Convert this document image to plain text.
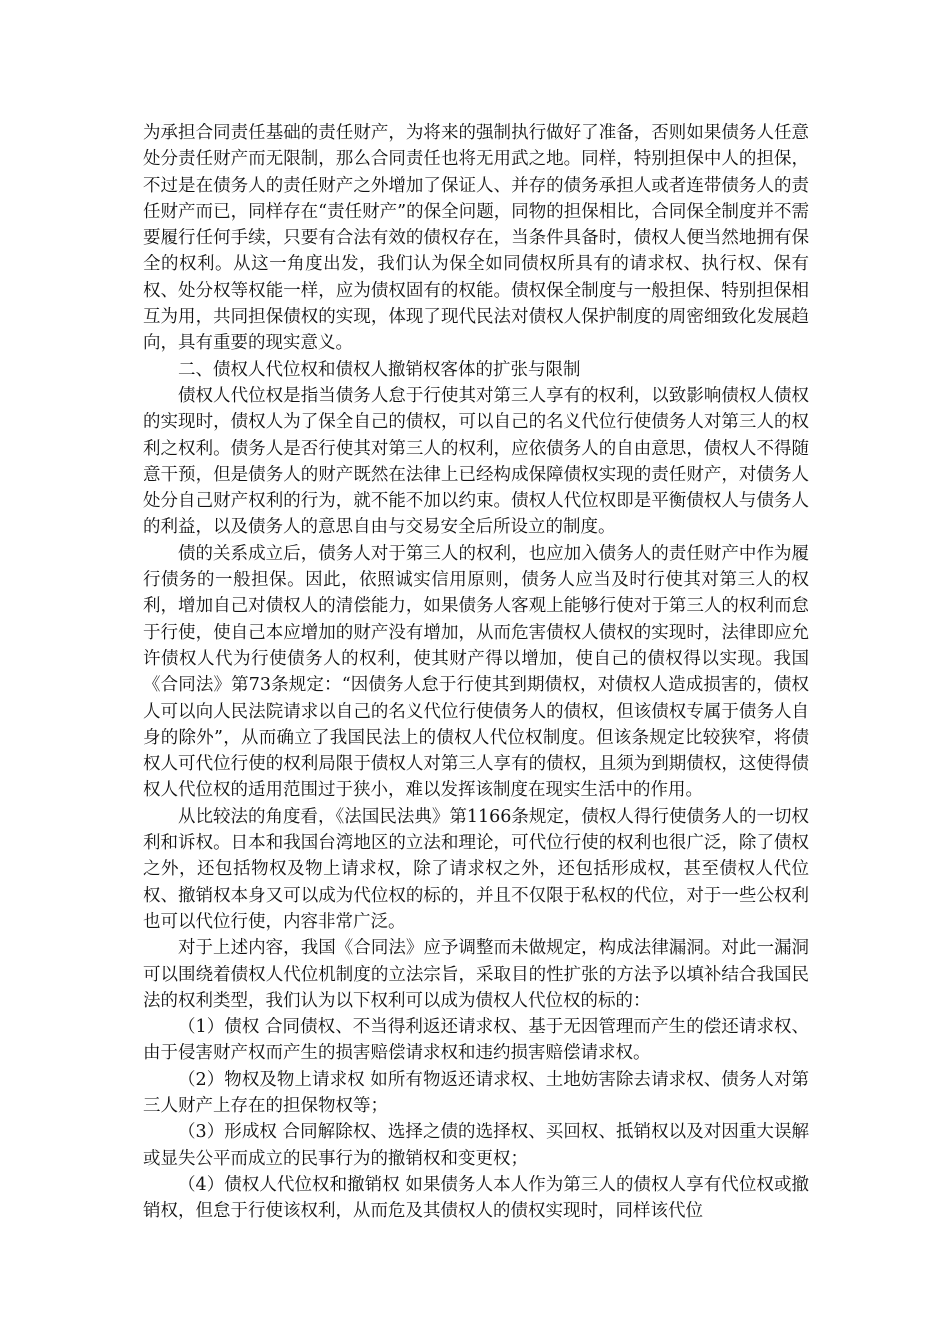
为承担合同责任基础的责任财产，为将来的强制执行做好了准备，否则如果债务人任意处分责任财产而无限制，那么合同责任也将无用武之地。同样，特别担保中人的担保，不过是在债务人的责任财产之外增加了保证人、并存的债务承担人或者连带债务人的责任财产而已，同样存在“责任财产”的保全问题，同物的担保相比，合同保全制度并不需要履行任何手续，只要有合法有效的债权存在，当条件具备时，债权人便当然地拥有保全的权利。从这一角度出发，我们认为保全如同债权所具有的请求权、执行权、保有权、处分权等权能一样，应为债权固有的权能。债权保全制度与一般担保、特别担保相互为用，共同担保债权的实现，体现了现代民法对债权人保护制度的周密细致化发展趋向，具有重要的现实意义。

二、债权人代位权和债权人撤销权客体的扩张与限制

债权人代位权是指当债务人怠于行使其对第三人享有的权利，以致影响债权人债权的实现时，债权人为了保全自己的债权，可以自己的名义代位行使债务人对第三人的权利之权利。债务人是否行使其对第三人的权利，应依债务人的自由意思，债权人不得随意干预，但是债务人的财产既然在法律上已经构成保障债权实现的责任财产，对债务人处分自己财产权利的行为，就不能不加以约束。债权人代位权即是平衡债权人与债务人的利益，以及债务人的意思自由与交易安全后所设立的制度。

债的关系成立后，债务人对于第三人的权利，也应加入债务人的责任财产中作为履行债务的一般担保。因此，依照诚实信用原则，债务人应当及时行使其对第三人的权利，增加自己对债权人的清偿能力，如果债务人客观上能够行使对于第三人的权利而怠于行使，使自己本应增加的财产没有增加，从而危害债权人债权的实现时，法律即应允许债权人代为行使债务人的权利，使其财产得以增加，使自己的债权得以实现。我国《合同法》第73条规定：“因债务人怠于行使其到期债权，对债权人造成损害的，债权人可以向人民法院请求以自己的名义代位行使债务人的债权，但该债权专属于债务人自身的除外”，从而确立了我国民法上的债权人代位权制度。但该条规定比较狭窄，将债权人可代位行使的权利局限于债权人对第三人享有的债权，且须为到期债权，这使得债权人代位权的适用范围过于狭小，难以发挥该制度在现实生活中的作用。

从比较法的角度看，《法国民法典》第1166条规定，债权人得行使债务人的一切权利和诉权。日本和我国台湾地区的立法和理论，可代位行使的权利也很广泛，除了债权之外，还包括物权及物上请求权，除了请求权之外，还包括形成权，甚至债权人代位权、撤销权本身又可以成为代位权的标的，并且不仅限于私权的代位，对于一些公权利也可以代位行使，内容非常广泛。

对于上述内容，我国《合同法》应予调整而未做规定，构成法律漏洞。对此一漏洞可以围绕着债权人代位机制度的立法宗旨，采取目的性扩张的方法予以填补结合我国民法的权利类型，我们认为以下权利可以成为债权人代位权的标的：

（1）债权 合同债权、不当得利返还请求权、基于无因管理而产生的偿还请求权、由于侵害财产权而产生的损害赔偿请求权和违约损害赔偿请求权。

（2）物权及物上请求权 如所有物返还请求权、土地妨害除去请求权、债务人对第三人财产上存在的担保物权等；

（3）形成权 合同解除权、选择之债的选择权、买回权、抵销权以及对因重大误解或显失公平而成立的民事行为的撤销权和变更权；

（4）债权人代位权和撤销权 如果债务人本人作为第三人的债权人享有代位权或撤销权，但怠于行使该权利，从而危及其债权人的债权实现时，同样该代位
